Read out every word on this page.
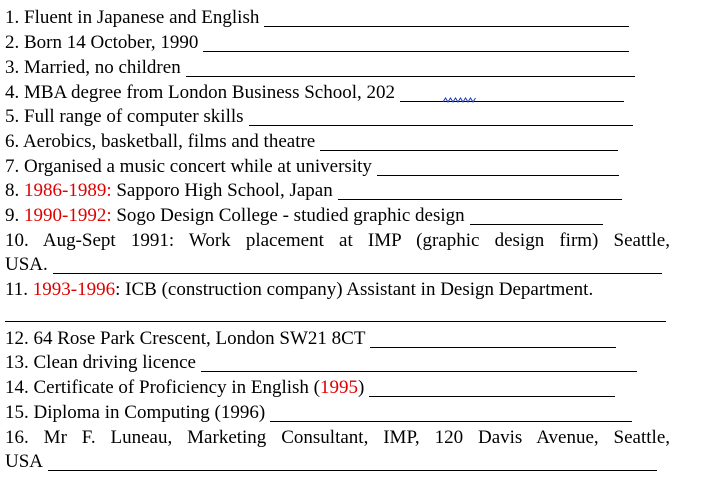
1. Fluent in Japanese and English
2. Born 14 October, 1990
3. Married, no children
4. MBA degree from London Business School, 202
5. Full range of computer skills
6. Aerobics, basketball, films and theatre
7. Organised a music concert while at university
8. 1986-1989: Sapporo High School, Japan
9. 1990-1992: Sogo Design College - studied graphic design
10. Aug-Sept 1991: Work placement at IMP (graphic design firm) Seattle,
USA.
11. 1993-1996: ICB (construction company) Assistant in Design Department.
12. 64 Rose Park Crescent, London SW21 8CT
13. Clean driving licence
14. Certificate of Proficiency in English ( 1995 )
15. Diploma in Computing (1996)
16. Mr F. Luneau, Marketing Consultant, IMP, 120 Davis Avenue, Seattle,
USA
